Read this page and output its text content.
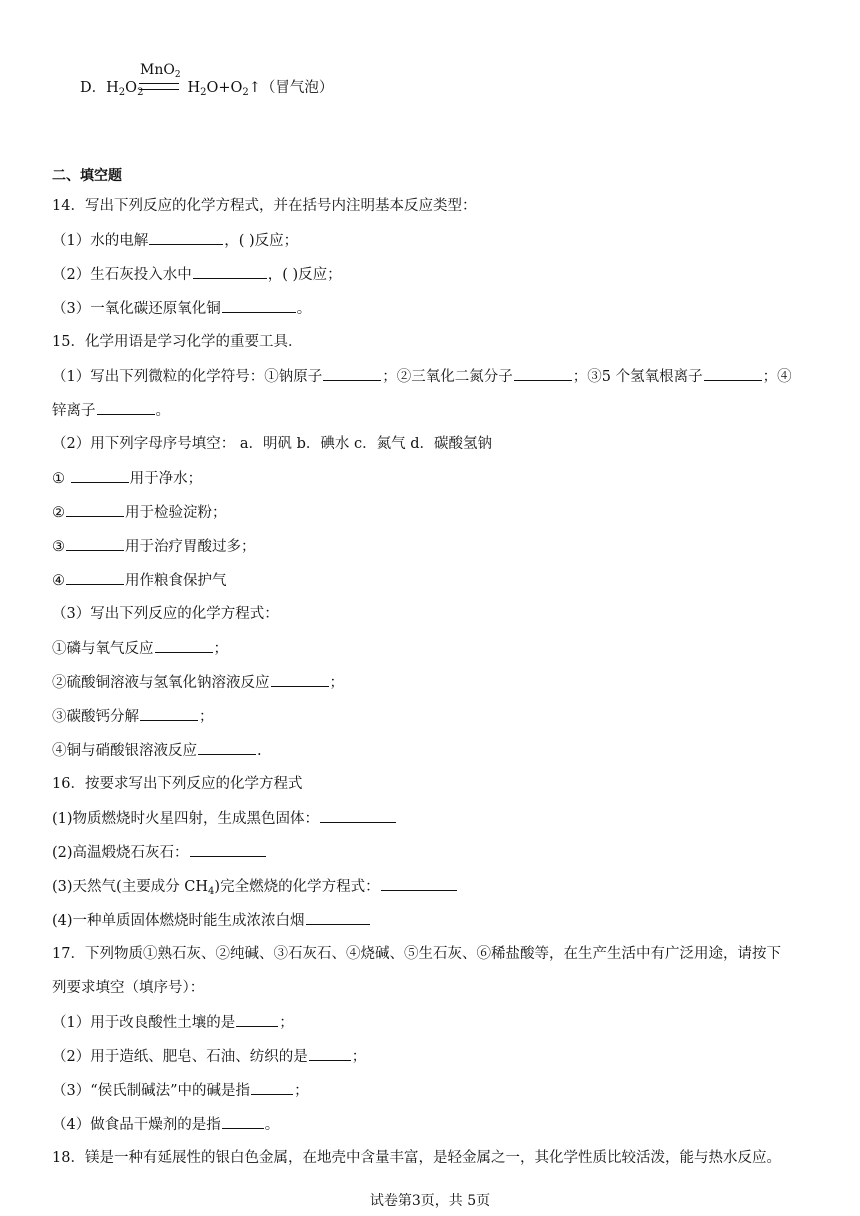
D．$H_2O_2$	$H_2O+O_2↑$（冒气泡）
MnO$_2$
二、填空题
14．写出下列反应的化学方程式，并在括号内注明基本反应类型：
（1）水的电解	，( )反应；
（2）生石灰投入水中	，( )反应；
（3）一氧化碳还原氧化铜	。
15．化学用语是学习化学的重要工具．
（1）写出下列微粒的化学符号：①钠原子	；②三氧化二氮分子	；③5 个氢氧根离子	；④
锌离子	。
（2）用下列字母序号填空： a．明矾 b．碘水 c．氮气 d．碳酸氢钠
①	用于净水；
②	用于检验淀粉；
③	用于治疗胃酸过多；
④	用作粮食保护气
（3）写出下列反应的化学方程式：
①磷与氧气反应	；
②硫酸铜溶液与氢氧化钠溶液反应	；
③碳酸钙分解	；
④铜与硝酸银溶液反应	.
16．按要求写出下列反应的化学方程式
(1)物质燃烧时火星四射，生成黑色固体：
(2)高温煅烧石灰石：
(3)天然气(主要成分 $CH_4$)完全燃烧的化学方程式：
(4)一种单质固体燃烧时能生成浓浓白烟
17．下列物质①熟石灰、②纯碱、③石灰石、④烧碱、⑤生石灰、⑥稀盐酸等，在生产生活中有广泛用途，请按下
列要求填空（填序号）：
（1）用于改良酸性土壤的是	；
（2）用于造纸、肥皂、石油、纺织的是	；
（3）“侯氏制碱法”中的碱是指	；
（4）做食品干燥剂的是指	。
18．镁是一种有延展性的银白色金属，在地壳中含量丰富，是轻金属之一，其化学性质比较活泼，能与热水反应。
试卷第3页，共 5页
